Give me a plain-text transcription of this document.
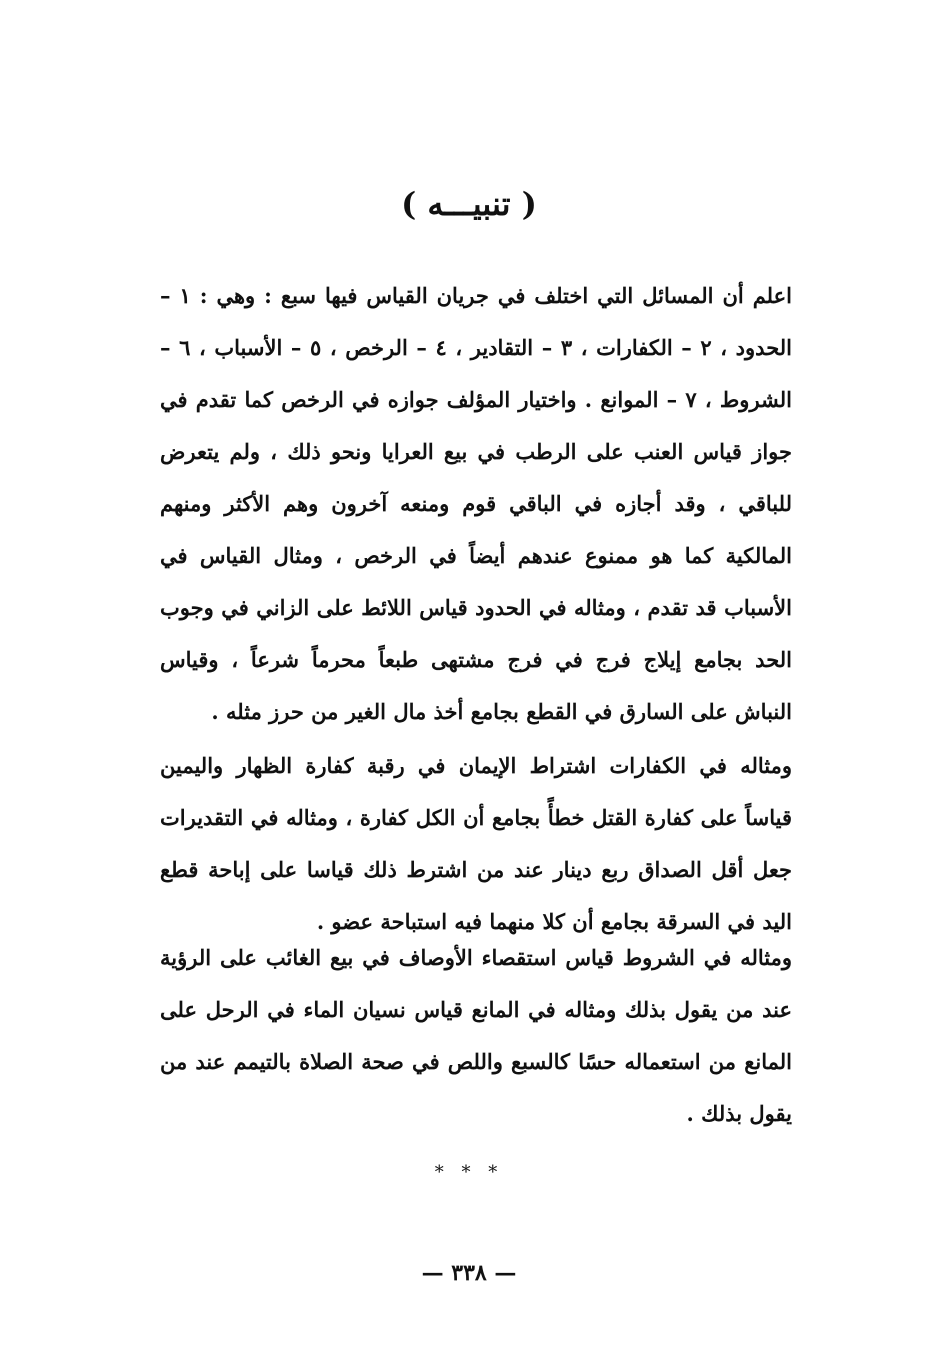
( تنبيـــه )

اعلم أن المسائل التي اختلف في جريان القياس فيها سبع : وهي : ١ – الحدود ، ٢ – الكفارات ، ٣ – التقادير ، ٤ – الرخص ، ٥ – الأسباب ، ٦ – الشروط ، ٧ – الموانع . واختيار المؤلف جوازه في الرخص كما تقدم في جواز قياس العنب على الرطب في بيع العرايا ونحو ذلك ، ولم يتعرض للباقي ، وقد أجازه في الباقي قوم ومنعه آخرون وهم الأكثر ومنهم المالكية كما هو ممنوع عندهم أيضاً في الرخص ، ومثال القياس في الأسباب قد تقدم ، ومثاله في الحدود قياس اللائط على الزاني في وجوب الحد بجامع إيلاج فرج في فرج مشتهى طبعاً محرماً شرعاً ، وقياس النباش على السارق في القطع بجامع أخذ مال الغير من حرز مثله .

ومثاله في الكفارات اشتراط الإيمان في رقبة كفارة الظهار واليمين قياساً على كفارة القتل خطأً بجامع أن الكل كفارة ، ومثاله في التقديرات جعل أقل الصداق ربع دينار عند من اشترط ذلك قياسا على إباحة قطع اليد في السرقة بجامع أن كلا منهما فيه استباحة عضو .

ومثاله في الشروط قياس استقصاء الأوصاف في بيع الغائب على الرؤية عند من يقول بذلك ومثاله في المانع قياس نسيان الماء في الرحل على المانع من استعماله حسًا كالسبع واللص في صحة الصلاة بالتيمم عند من يقول بذلك .

* * *
— ٣٣٨ —
